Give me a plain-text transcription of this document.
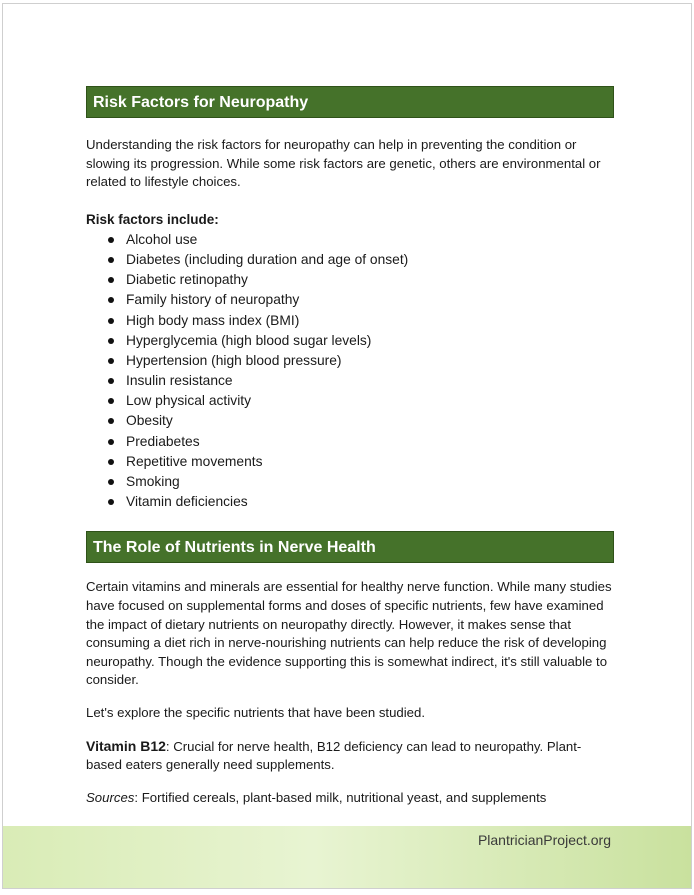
Risk Factors for Neuropathy

Understanding the risk factors for neuropathy can help in preventing the condition or slowing its progression. While some risk factors are genetic, others are environmental or related to lifestyle choices.

Risk factors include:
Alcohol use
Diabetes (including duration and age of onset)
Diabetic retinopathy
Family history of neuropathy
High body mass index (BMI)
Hyperglycemia (high blood sugar levels)
Hypertension (high blood pressure)
Insulin resistance
Low physical activity
Obesity
Prediabetes
Repetitive movements
Smoking
Vitamin deficiencies
The Role of Nutrients in Nerve Health

Certain vitamins and minerals are essential for healthy nerve function. While many studies have focused on supplemental forms and doses of specific nutrients, few have examined the impact of dietary nutrients on neuropathy directly. However, it makes sense that consuming a diet rich in nerve-nourishing nutrients can help reduce the risk of developing neuropathy. Though the evidence supporting this is somewhat indirect, it's still valuable to consider.

Let's explore the specific nutrients that have been studied.

Vitamin B12: Crucial for nerve health, B12 deficiency can lead to neuropathy. Plant-based eaters generally need supplements.

Sources: Fortified cereals, plant-based milk, nutritional yeast, and supplements

PlantricianProject.org
